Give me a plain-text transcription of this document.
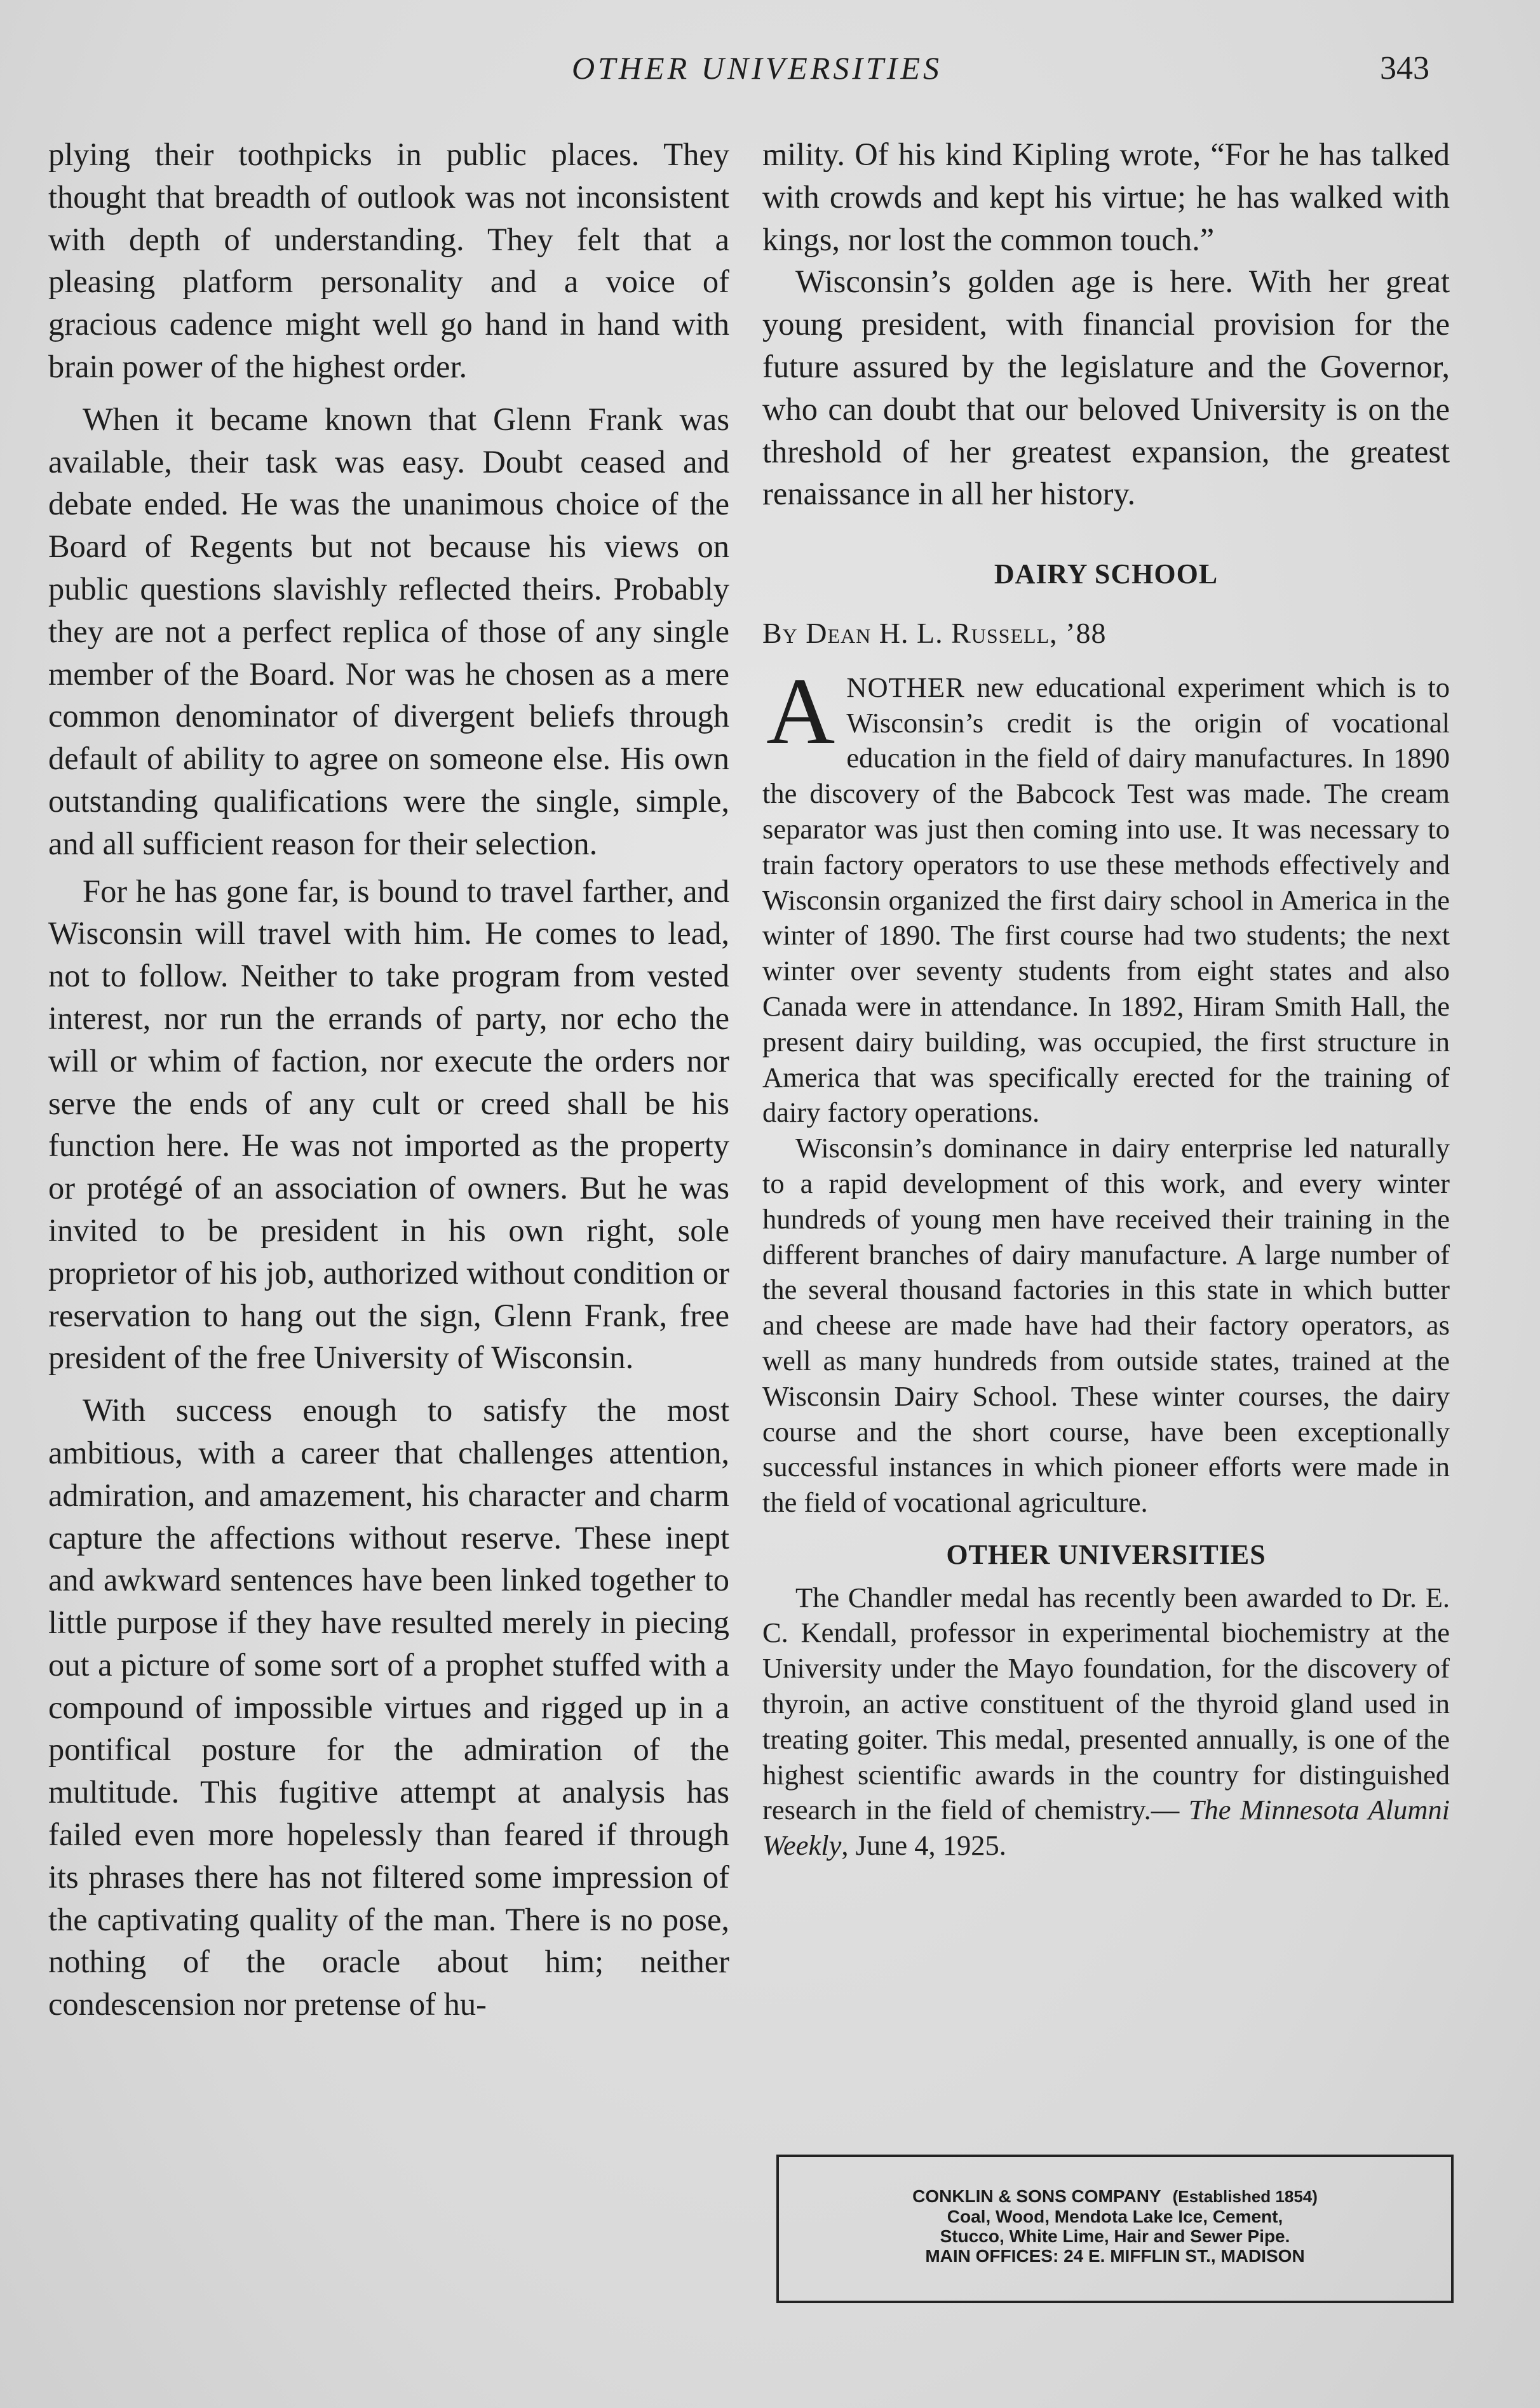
OTHER UNIVERSITIES	343

plying their toothpicks in public places. They thought that breadth of outlook was not inconsistent with depth of understanding. They felt that a pleasing platform personality and a voice of gracious cadence might well go hand in hand with brain power of the highest order.

When it became known that Glenn Frank was available, their task was easy. Doubt ceased and debate ended. He was the unanimous choice of the Board of Regents but not because his views on public questions slavishly reflected theirs. Probably they are not a perfect replica of those of any single member of the Board. Nor was he chosen as a mere common denominator of divergent beliefs through default of ability to agree on someone else. His own outstanding qualifications were the single, simple, and all sufficient reason for their selection.

For he has gone far, is bound to travel farther, and Wisconsin will travel with him. He comes to lead, not to follow. Neither to take program from vested interest, nor run the errands of party, nor echo the will or whim of faction, nor execute the orders nor serve the ends of any cult or creed shall be his function here. He was not imported as the property or protégé of an association of owners. But he was invited to be president in his own right, sole proprietor of his job, authorized without condition or reservation to hang out the sign, Glenn Frank, free president of the free University of Wisconsin.

With success enough to satisfy the most ambitious, with a career that challenges attention, admiration, and amazement, his character and charm capture the affections without reserve. These inept and awkward sentences have been linked together to little purpose if they have resulted merely in piecing out a picture of some sort of a prophet stuffed with a compound of impossible virtues and rigged up in a pontifical posture for the admiration of the multitude. This fugitive attempt at analysis has failed even more hopelessly than feared if through its phrases there has not filtered some impression of the captivating quality of the man. There is no pose, nothing of the oracle about him; neither condescension nor pretense of hu-

mility. Of his kind Kipling wrote, “For he has talked with crowds and kept his virtue; he has walked with kings, nor lost the common touch.”

Wisconsin’s golden age is here. With her great young president, with financial provision for the future assured by the legislature and the Governor, who can doubt that our beloved University is on the threshold of her greatest expansion, the greatest renaissance in all her history.

DAIRY SCHOOL

By Dean H. L. Russell, ’88

ANOTHER new educational experiment which is to Wisconsin’s credit is the origin of vocational education in the field of dairy manufactures. In 1890 the discovery of the Babcock Test was made. The cream separator was just then coming into use. It was necessary to train factory operators to use these methods effectively and Wisconsin organized the first dairy school in America in the winter of 1890. The first course had two students; the next winter over seventy students from eight states and also Canada were in attendance. In 1892, Hiram Smith Hall, the present dairy building, was occupied, the first structure in America that was specifically erected for the training of dairy factory operations.

Wisconsin’s dominance in dairy enterprise led naturally to a rapid development of this work, and every winter hundreds of young men have received their training in the different branches of dairy manufacture. A large number of the several thousand factories in this state in which butter and cheese are made have had their factory operators, as well as many hundreds from outside states, trained at the Wisconsin Dairy School. These winter courses, the dairy course and the short course, have been exceptionally successful instances in which pioneer efforts were made in the field of vocational agriculture.

OTHER UNIVERSITIES

The Chandler medal has recently been awarded to Dr. E. C. Kendall, professor in experimental biochemistry at the University under the Mayo foundation, for the discovery of thyroin, an active constituent of the thyroid gland used in treating goiter. This medal, presented annually, is one of the highest scientific awards in the country for distinguished research in the field of chemistry.— The Minnesota Alumni Weekly, June 4, 1925.

CONKLIN & SONS COMPANY (Established 1854)
Coal, Wood, Mendota Lake Ice, Cement,
Stucco, White Lime, Hair and Sewer Pipe.
MAIN OFFICES: 24 E. MIFFLIN ST., MADISON
